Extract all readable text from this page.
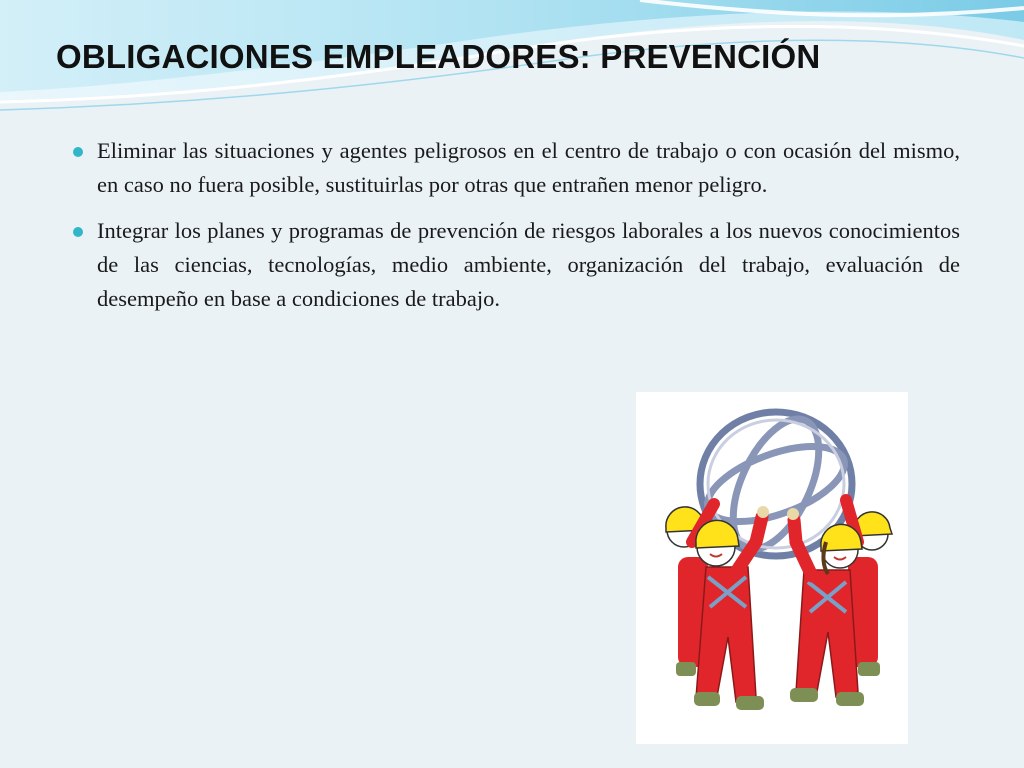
OBLIGACIONES EMPLEADORES: PREVENCIÓN
Eliminar las situaciones y agentes peligrosos en el centro de trabajo o con ocasión del mismo, en caso no fuera posible, sustituirlas por otras que entrañen menor peligro.
Integrar los planes y programas de prevención de riesgos laborales a los nuevos conocimientos de las ciencias, tecnologías, medio ambiente, organización del trabajo, evaluación de desempeño en base a condiciones de trabajo.
